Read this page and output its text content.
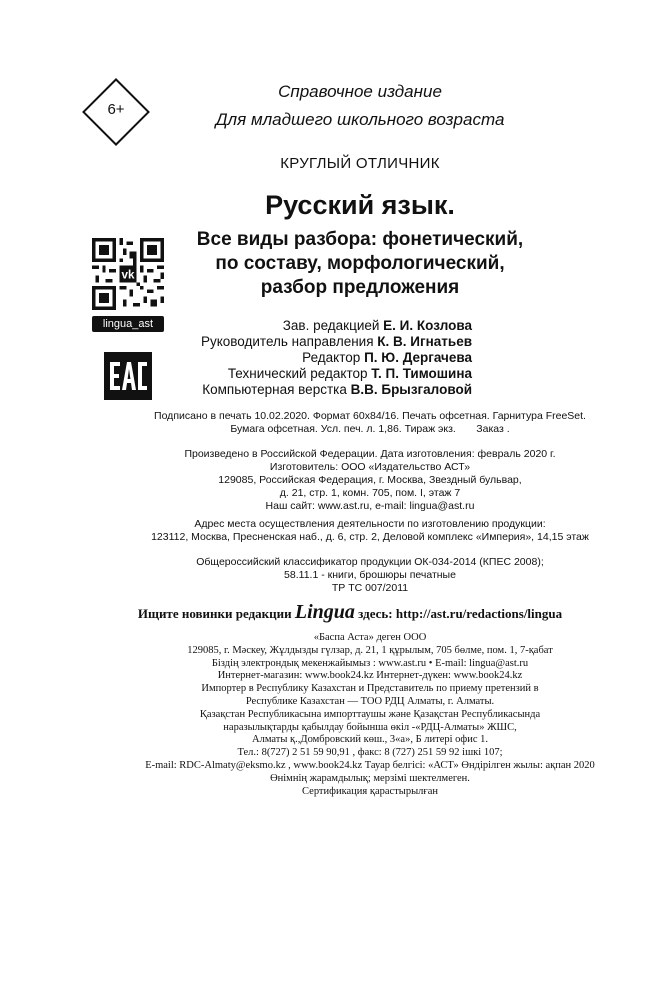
6+
Справочное издание
Для младшего школьного возраста
КРУГЛЫЙ ОТЛИЧНИК
Русский язык.
Все виды разбора: фонетический,
по составу, морфологический,
разбор предложения
vk
lingua_ast	Зав. редакцией Е. И. Козлова
Руководитель направления К. В. Игнатьев
Редактор П. Ю. Дергачева
Технический редактор Т. П. Тимошина
Компьютерная верстка В.В. Брызгаловой
Подписано в печать 10.02.2020. Формат 60x84/16. Печать офсетная. Гарнитура FreeSet.
Бумага офсетная. Усл. печ. л. 1,86. Тираж экз.       Заказ .
Произведено в Российской Федерации. Дата изготовления: февраль 2020 г.
Изготовитель: ООО «Издательство АСТ»
129085, Российская Федерация, г. Москва, Звездный бульвар,
д. 21, стр. 1, комн. 705, пом. I, этаж 7
Наш сайт: www.ast.ru, e-mail: lingua@ast.ru
Адрес места осуществления деятельности по изготовлению продукции:
123112, Москва, Пресненская наб., д. 6, стр. 2, Деловой комплекс «Империя», 14,15 этаж
Общероссийский классификатор продукции ОК-034-2014 (КПЕС 2008);
58.11.1 - книги, брошюры печатные
ТР ТС 007/2011
Ищите новинки редакции Lingua здесь: http://ast.ru/redactions/lingua
«Баспа Аста» деген ООО
129085, г. Мәскеу, Жұлдызды гүлзар, д. 21, 1 құрылым, 705 бөлме, пом. 1, 7-қабат
Біздің электрондық мекенжайымыз : www.ast.ru • E-mail: lingua@ast.ru
Интернет-магазин: www.book24.kz Интернет-дүкен: www.book24.kz
Импортер в Республику Казахстан и Представитель по приему претензий в
Республике Казахстан — ТОО РДЦ Алматы, г. Алматы.
Қазақстан Республикасына импорттаушы және Қазақстан Республикасында
наразылықтарды қабылдау бойынша өкіл -«РДЦ-Алматы» ЖШС,
Алматы қ.,Домбровский көш., 3«а», Б литері офис 1.
Тел.: 8(727) 2 51 59 90,91 , факс: 8 (727) 251 59 92 ішкі 107;
E-mail: RDC-Almaty@eksmo.kz , www.book24.kz Тауар белгісі: «АСТ» Өндірілген жылы: ақпан 2020
Өнімнің жарамдылық; мерзімі шектелмеген.
Сертификация қарастырылған
